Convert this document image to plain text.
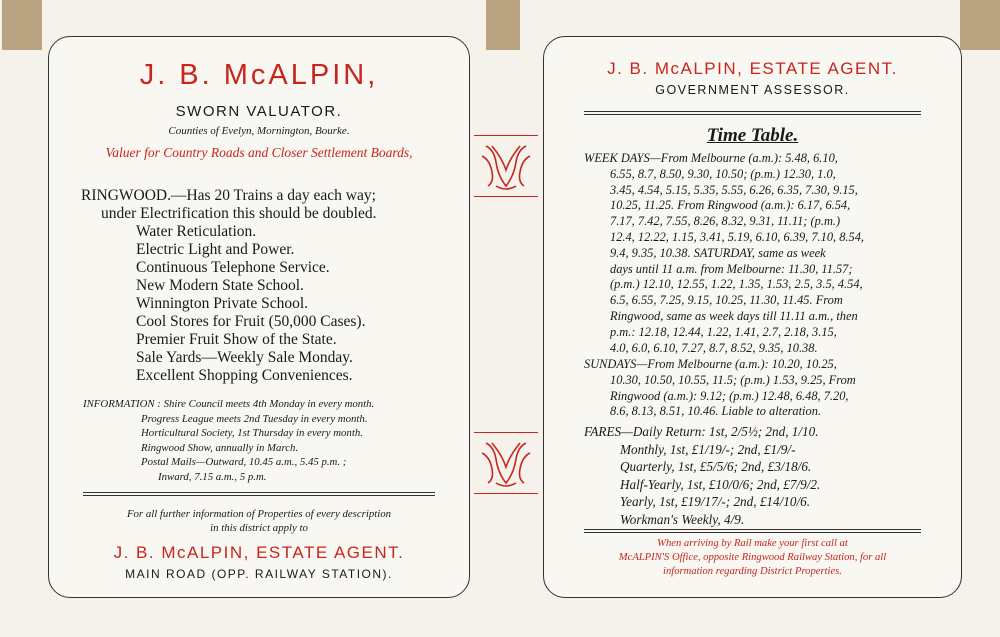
J. B. McALPIN,
SWORN VALUATOR.
Counties of Evelyn, Mornington, Bourke.
Valuer for Country Roads and Closer Settlement Boards,
RINGWOOD.—Has 20 Trains a day each way;
under Electrification this should be doubled.
Water Reticulation.
Electric Light and Power.
Continuous Telephone Service.
New Modern State School.
Winnington Private School.
Cool Stores for Fruit (50,000 Cases).
Premier Fruit Show of the State.
Sale Yards—Weekly Sale Monday.
Excellent Shopping Conveniences.
INFORMATION : Shire Council meets 4th Monday in every month.
Progress League meets 2nd Tuesday in every month.
Horticultural Society, 1st Thursday in every month.
Ringwood Show, annually in March.
Postal Mails—Outward, 10.45 a.m., 5.45 p.m. ;
Inward, 7.15 a.m., 5 p.m.
For all further information of Properties of every description
in this district apply to
J. B. McALPIN, ESTATE AGENT.
MAIN ROAD (OPP. RAILWAY STATION).
J. B. McALPIN, ESTATE AGENT.
GOVERNMENT ASSESSOR.
Time Table.
WEEK DAYS—From Melbourne (a.m.): 5.48, 6.10,
6.55, 8.7, 8.50, 9.30, 10.50; (p.m.) 12.30, 1.0,
3.45, 4.54, 5.15, 5.35, 5.55, 6.26, 6.35, 7.30, 9.15,
10.25, 11.25. From Ringwood (a.m.): 6.17, 6.54,
7.17, 7.42, 7.55, 8.26, 8.32, 9.31, 11.11; (p.m.)
12.4, 12.22, 1.15, 3.41, 5.19, 6.10, 6.39, 7.10, 8.54,
9.4, 9.35, 10.38. SATURDAY, same as week
days until 11 a.m. from Melbourne: 11.30, 11.57;
(p.m.) 12.10, 12.55, 1.22, 1.35, 1.53, 2.5, 3.5, 4.54,
6.5, 6.55, 7.25, 9.15, 10.25, 11.30, 11.45. From
Ringwood, same as week days till 11.11 a.m., then
p.m.: 12.18, 12.44, 1.22, 1.41, 2.7, 2.18, 3.15,
4.0, 6.0, 6.10, 7.27, 8.7, 8.52, 9.35, 10.38.
SUNDAYS—From Melbourne (a.m.): 10.20, 10.25,
10.30, 10.50, 10.55, 11.5; (p.m.) 1.53, 9.25, From
Ringwood (a.m.): 9.12; (p.m.) 12.48, 6.48, 7.20,
8.6, 8.13, 8.51, 10.46. Liable to alteration.
FARES—Daily Return: 1st, 2/5½; 2nd, 1/10.
Monthly, 1st, £1/19/-; 2nd, £1/9/-
Quarterly, 1st, £5/5/6; 2nd, £3/18/6.
Half-Yearly, 1st, £10/0/6; 2nd, £7/9/2.
Yearly, 1st, £19/17/-; 2nd, £14/10/6.
Workman's Weekly, 4/9.
When arriving by Rail make your first call at
McALPIN'S Office, opposite Ringwood Railway Station, for all
information regarding District Properties.
